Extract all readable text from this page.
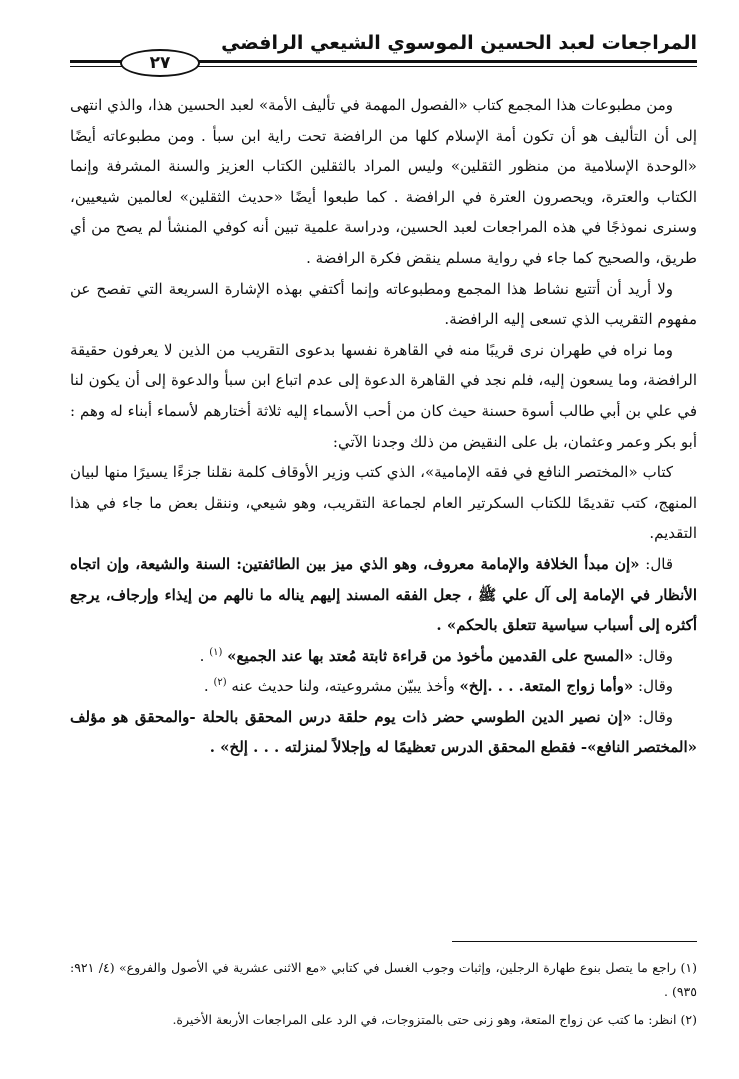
المراجعات لعبد الحسين الموسوي الشيعي الرافضي
٢٧

ومن مطبوعات هذا المجمع كتاب «الفصول المهمة في تأليف الأمة» لعبد الحسين هذا، والذي انتهى إلى أن التأليف هو أن تكون أمة الإسلام كلها من الرافضة تحت راية ابن سبأ . ومن مطبوعاته أيضًا «الوحدة الإسلامية من منظور الثقلين» وليس المراد بالثقلين الكتاب العزيز والسنة المشرفة وإنما الكتاب والعترة، ويحصرون العترة في الرافضة . كما طبعوا أيضًا «حديث الثقلين» لعالمين شيعيين، وسنرى نموذجًا في هذه المراجعات لعبد الحسين، ودراسة علمية تبين أنه كوفي المنشأ لم يصح من أي طريق، والصحيح كما جاء في رواية مسلم ينقض فكرة الرافضة .

ولا أريد أن أتتبع نشاط هذا المجمع ومطبوعاته وإنما أكتفي بهذه الإشارة السريعة التي تفصح عن مفهوم التقريب الذي تسعى إليه الرافضة.

وما نراه في طهران نرى قريبًا منه في القاهرة نفسها بدعوى التقريب من الذين لا يعرفون حقيقة الرافضة، وما يسعون إليه، فلم نجد في القاهرة الدعوة إلى عدم اتباع ابن سبأ والدعوة إلى أن يكون لنا في علي بن أبي طالب أسوة حسنة حيث كان من أحب الأسماء إليه ثلاثة أختارهم لأسماء أبناء له وهم : أبو بكر وعمر وعثمان، بل على النقيض من ذلك وجدنا الآتي:

كتاب «المختصر النافع في فقه الإمامية»، الذي كتب وزير الأوقاف كلمة نقلنا جزءًا يسيرًا منها لبيان المنهج، كتب تقديمًا للكتاب السكرتير العام لجماعة التقريب، وهو شيعي، وننقل بعض ما جاء في هذا التقديم.

قال: «إن مبدأ الخلافة والإمامة معروف، وهو الذي ميز بين الطائفتين: السنة والشيعة، وإن اتجاه الأنظار في الإمامة إلى آل علي ﷺ ، جعل الفقه المسند إليهم يناله ما نالهم من إيذاء وإرجاف، يرجع أكثره إلى أسباب سياسية تتعلق بالحكم» .

وقال: «المسح على القدمين مأخوذ من قراءة ثابتة مُعتد بها عند الجميع» $^{(١)}$ .

وقال: «وأما زواج المتعة. . . .إلخ» وأخذ يبيّن مشروعيته، ولنا حديث عنه $^{(٢)}$ .

وقال: «إن نصير الدين الطوسي حضر ذات يوم حلقة درس المحقق بالحلة -والمحقق هو مؤلف «المختصر النافع»- فقطع المحقق الدرس تعظيمًا له وإجلالاً لمنزلته . . . إلخ» .

(١) راجع ما يتصل بنوع طهارة الرجلين، وإثبات وجوب الغسل في كتابي «مع الاثنى عشرية في الأصول والفروع» (٤/ ٩٢١: ٩٣٥) .

(٢) انظر: ما كتب عن زواج المتعة، وهو زنى حتى بالمتزوجات، في الرد على المراجعات الأربعة الأخيرة.
